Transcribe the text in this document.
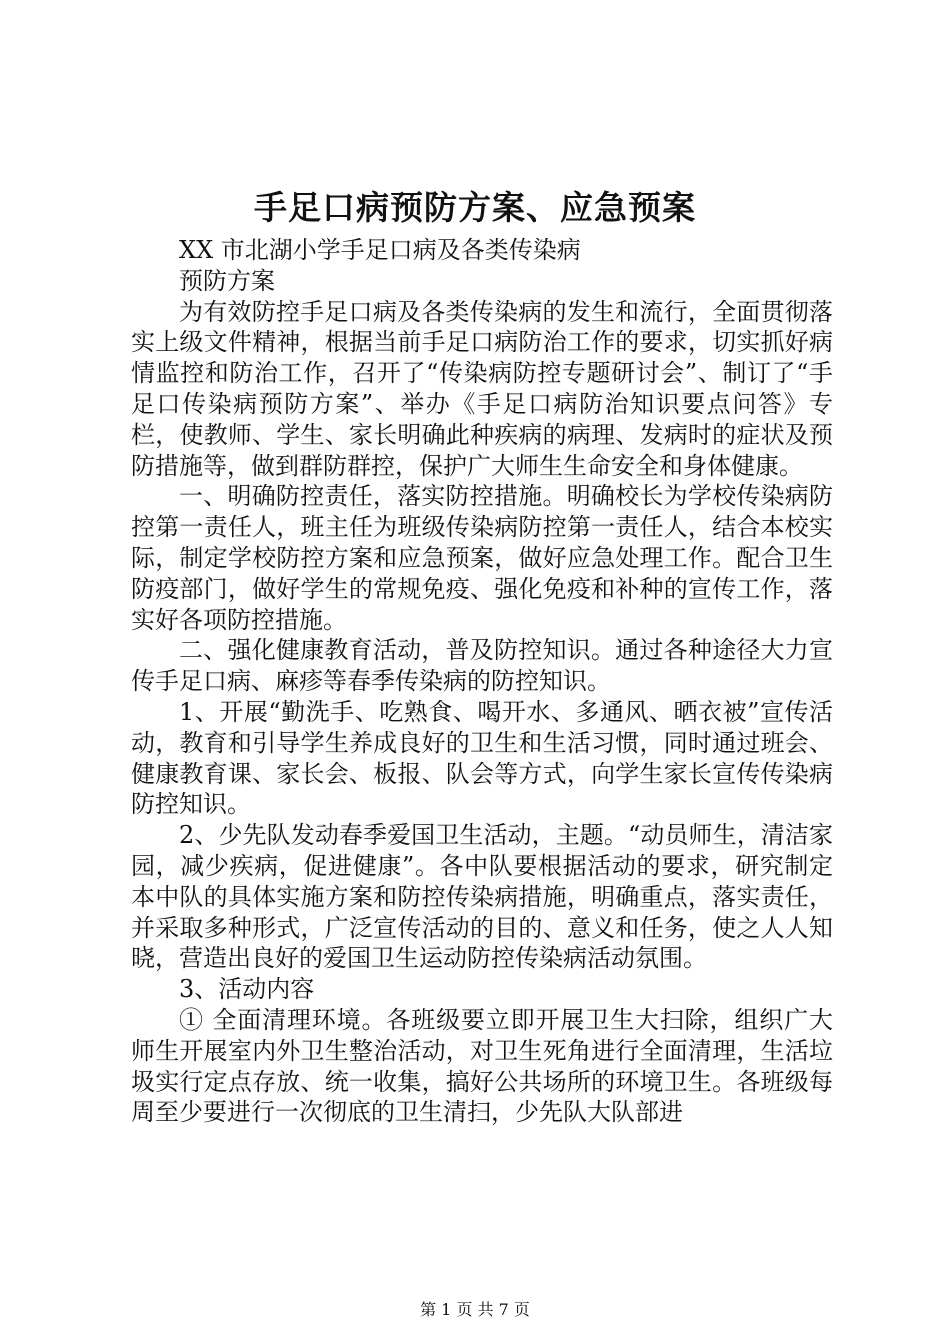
手足口病预防方案、应急预案

XX 市北湖小学手足口病及各类传染病

预防方案

为有效防控手足口病及各类传染病的发生和流行，全面贯彻落实上级文件精神，根据当前手足口病防治工作的要求，切实抓好病情监控和防治工作，召开了“传染病防控专题研讨会”、制订了“手足口传染病预防方案”、举办《手足口病防治知识要点问答》专栏，使教师、学生、家长明确此种疾病的病理、发病时的症状及预防措施等，做到群防群控，保护广大师生生命安全和身体健康。

一、明确防控责任，落实防控措施。明确校长为学校传染病防控第一责任人，班主任为班级传染病防控第一责任人，结合本校实际，制定学校防控方案和应急预案，做好应急处理工作。配合卫生防疫部门，做好学生的常规免疫、强化免疫和补种的宣传工作，落实好各项防控措施。

二、强化健康教育活动，普及防控知识。通过各种途径大力宣传手足口病、麻疹等春季传染病的防控知识。

1、开展“勤洗手、吃熟食、喝开水、多通风、晒衣被”宣传活动，教育和引导学生养成良好的卫生和生活习惯，同时通过班会、健康教育课、家长会、板报、队会等方式，向学生家长宣传传染病防控知识。

2、少先队发动春季爱国卫生活动，主题。“动员师生，清洁家园，减少疾病，促进健康”。各中队要根据活动的要求，研究制定本中队的具体实施方案和防控传染病措施，明确重点，落实责任，并采取多种形式，广泛宣传活动的目的、意义和任务，使之人人知晓，营造出良好的爱国卫生运动防控传染病活动氛围。

3、活动内容

① 全面清理环境。各班级要立即开展卫生大扫除，组织广大师生开展室内外卫生整治活动，对卫生死角进行全面清理，生活垃圾实行定点存放、统一收集，搞好公共场所的环境卫生。各班级每周至少要进行一次彻底的卫生清扫，少先队大队部进

第 1 页 共 7 页
